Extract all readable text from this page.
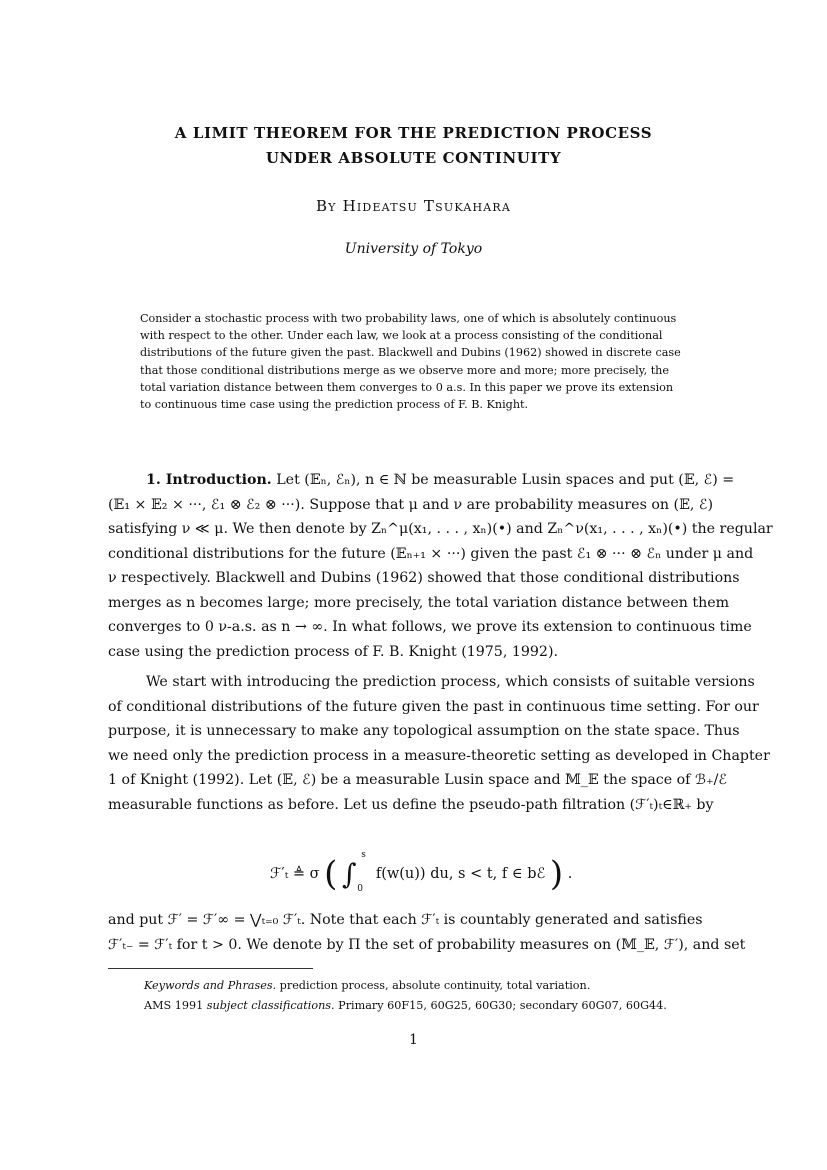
A LIMIT THEOREM FOR THE PREDICTION PROCESS
UNDER ABSOLUTE CONTINUITY
By Hideatsu Tsukahara
University of Tokyo
Consider a stochastic process with two probability laws, one of which is absolutely continuous
with respect to the other. Under each law, we look at a process consisting of the conditional
distributions of the future given the past. Blackwell and Dubins (1962) showed in discrete case
that those conditional distributions merge as we observe more and more; more precisely, the
total variation distance between them converges to 0 a.s. In this paper we prove its extension
to continuous time case using the prediction process of F. B. Knight.
1. Introduction. Let (𝔼ₙ, ℰₙ), n ∈ ℕ be measurable Lusin spaces and put (𝔼, ℰ) =
(𝔼₁ × 𝔼₂ × ···, ℰ₁ ⊗ ℰ₂ ⊗ ···). Suppose that μ and ν are probability measures on (𝔼, ℰ)
satisfying ν ≪ μ. We then denote by Zₙ^μ(x₁, . . . , xₙ)(•) and Zₙ^ν(x₁, . . . , xₙ)(•) the regular
conditional distributions for the future (𝔼ₙ₊₁ × ···) given the past ℰ₁ ⊗ ··· ⊗ ℰₙ under μ and
ν respectively. Blackwell and Dubins (1962) showed that those conditional distributions
merges as n becomes large; more precisely, the total variation distance between them
converges to 0 ν-a.s. as n → ∞. In what follows, we prove its extension to continuous time
case using the prediction process of F. B. Knight (1975, 1992).
We start with introducing the prediction process, which consists of suitable versions
of conditional distributions of the future given the past in continuous time setting. For our
purpose, it is unnecessary to make any topological assumption on the state space. Thus
we need only the prediction process in a measure-theoretic setting as developed in Chapter
1 of Knight (1992). Let (𝔼, ℰ) be a measurable Lusin space and 𝕄_𝔼 the space of ℬ₊/ℰ
measurable functions as before. Let us define the pseudo-path filtration (ℱ′ₜ)ₜ∈ℝ₊ by
ℱ′ₜ ≜ σ ( ∫
s
0
f(w(u)) du, s < t, f ∈ bℰ ) .
and put ℱ′ = ℱ′∞ = ⋁ₜ₌₀ ℱ′ₜ. Note that each ℱ′ₜ is countably generated and satisfies
ℱ′ₜ₋ = ℱ′ₜ for t > 0. We denote by Π the set of probability measures on (𝕄_𝔼, ℱ′), and set
Keywords and Phrases. prediction process, absolute continuity, total variation.
AMS 1991 subject classifications. Primary 60F15, 60G25, 60G30; secondary 60G07, 60G44.
1
